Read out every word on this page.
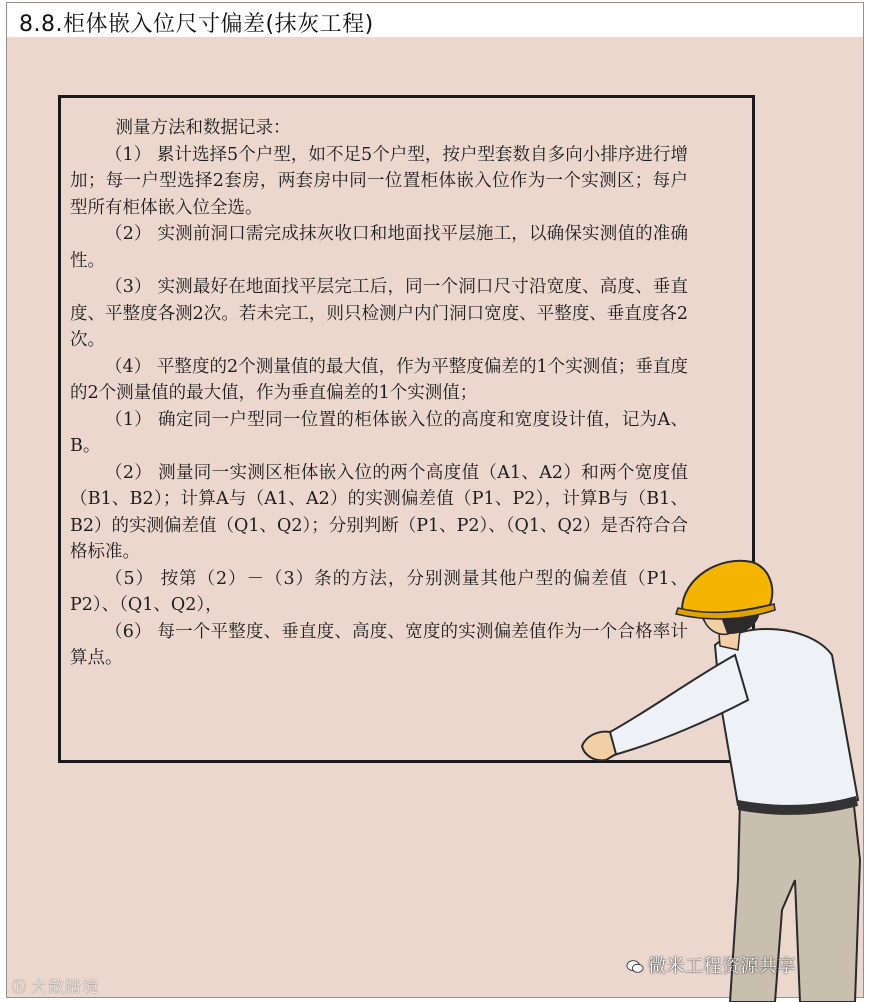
8.8.柜体嵌入位尺寸偏差(抹灰工程)

测量方法和数据记录：

（1） 累计选择5个户型，如不足5个户型，按户型套数自多向小排序进行增加；每一户型选择2套房，两套房中同一位置柜体嵌入位作为一个实测区；每户型所有柜体嵌入位全选。

（2） 实测前洞口需完成抹灰收口和地面找平层施工，以确保实测值的准确性。

（3） 实测最好在地面找平层完工后，同一个洞口尺寸沿宽度、高度、垂直度、平整度各测2次。若未完工，则只检测户内门洞口宽度、平整度、垂直度各2次。

（4） 平整度的2个测量值的最大值，作为平整度偏差的1个实测值；垂直度的2个测量值的最大值，作为垂直偏差的1个实测值；

（1） 确定同一户型同一位置的柜体嵌入位的高度和宽度设计值，记为A、B。

（2） 测量同一实测区柜体嵌入位的两个高度值（A1、A2）和两个宽度值（B1、B2）；计算A与（A1、A2）的实测偏差值（P1、P2），计算B与（B1、B2）的实测偏差值（Q1、Q2）；分别判断（P1、P2）、（Q1、Q2）是否符合合格标准。

（5） 按第（2）－（3）条的方法，分别测量其他户型的偏差值（P1、P2）、（Q1、Q2），

（6） 每一个平整度、垂直度、高度、宽度的实测偏差值作为一个合格率计算点。

ⓑ 大散踏境
微米工程资源共享
